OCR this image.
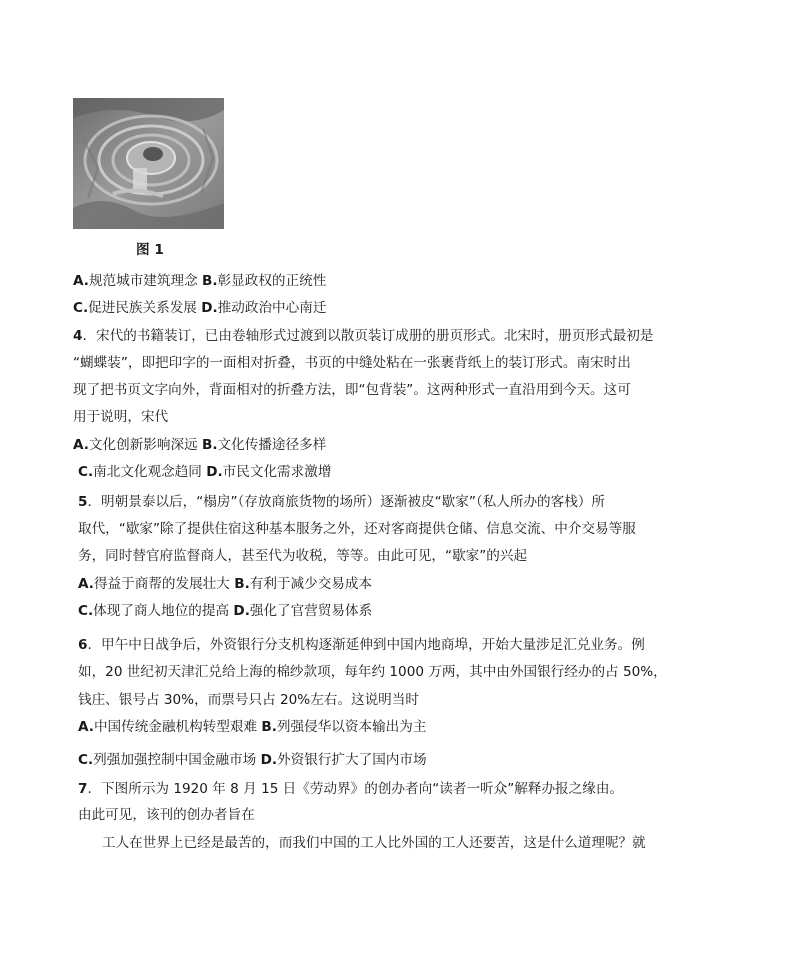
图 1
A.规范城市建筑理念 B.彰显政权的正统性
C.促进民族关系发展 D.推动政治中心南迁
4．宋代的书籍装订，已由卷轴形式过渡到以散页装订成册的册页形式。北宋时，册页形式最初是
“蝴蝶装”，即把印字的一面相对折叠，书页的中缝处粘在一张裹背纸上的装订形式。南宋时出
现了把书页文字向外，背面相对的折叠方法，即“包背装”。这两种形式一直沿用到今天。这可
用于说明，宋代
A.文化创新影响深远 B.文化传播途径多样
C.南北文化观念趋同 D.市民文化需求激增
5．明朝景泰以后，“榻房”（存放商旅货物的场所）逐渐被皮“歇家”（私人所办的客栈）所
取代，“歇家”除了提供住宿这种基本服务之外，还对客商提供仓储、信息交流、中介交易等服
务，同时替官府监督商人，甚至代为收税，等等。由此可见，“歇家”的兴起
A.得益于商帮的发展壮大 B.有利于减少交易成本
C.体现了商人地位的提高 D.强化了官营贸易体系
6．甲午中日战争后，外资银行分支机构逐渐延伸到中国内地商埠，开始大量涉足汇兑业务。例
如，20 世纪初天津汇兑给上海的棉纱款项，每年约 1000 万两，其中由外国银行经办的占 50%，
钱庄、银号占 30%，而票号只占 20%左右。这说明当时
A.中国传统金融机构转型艰难 B.列强侵华以资本输出为主
C.列强加强控制中国金融市场 D.外资银行扩大了国内市场
7．下图所示为 1920 年 8 月 15 日《劳动界》的创办者向“读者一听众”解释办报之缘由。
由此可见，该刊的创办者旨在
工人在世界上已经是最苦的，而我们中国的工人比外国的工人还要苦，这是什么道理呢？就
